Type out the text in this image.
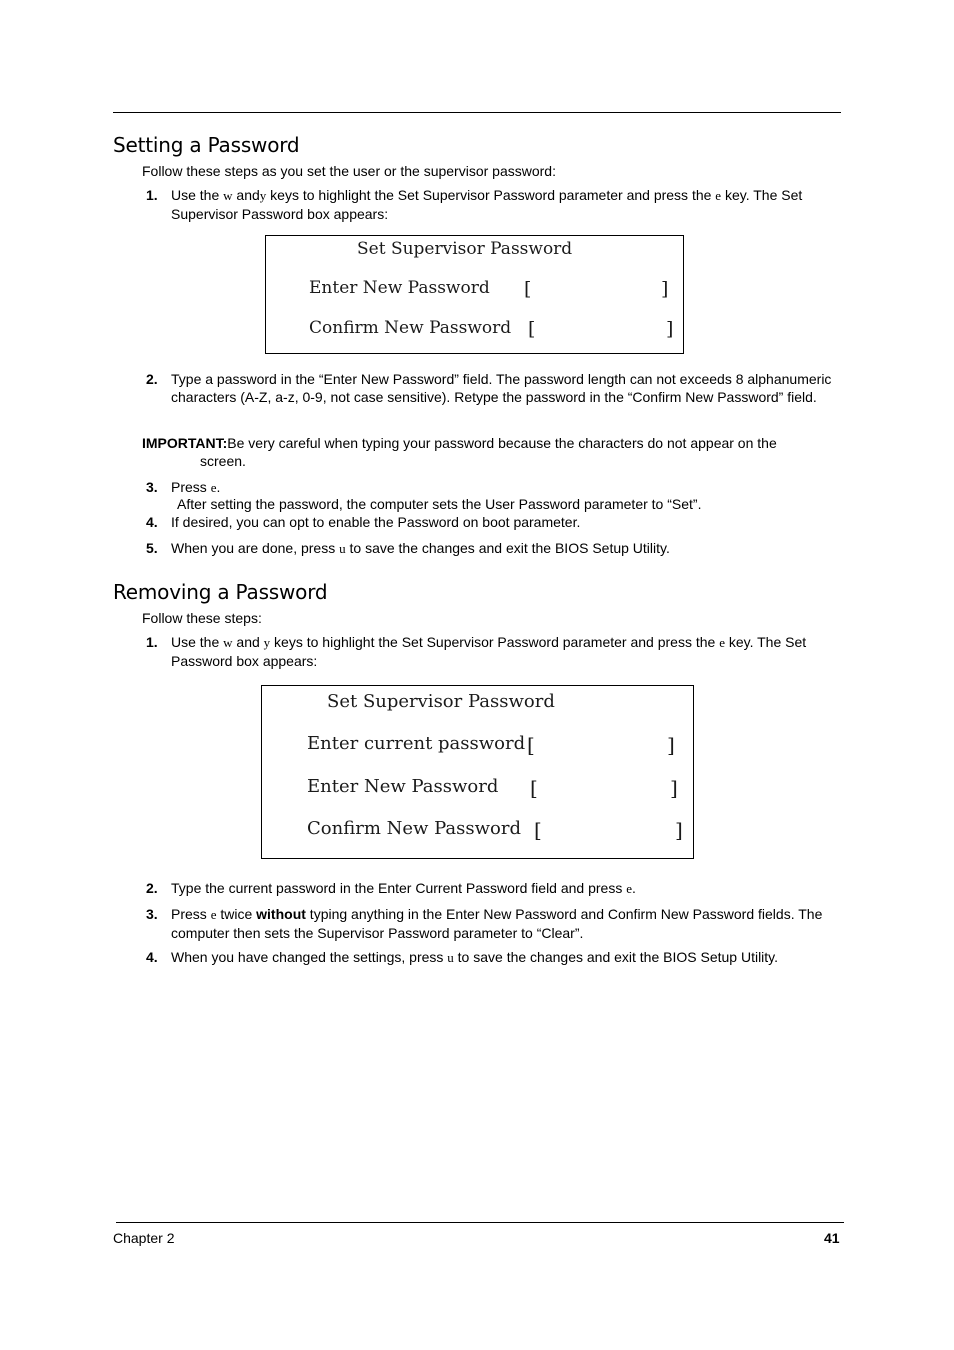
Setting a Password
Follow these steps as you set the user or the supervisor password:
1. Use the w andy keys to highlight the Set Supervisor Password parameter and press the e key. The Set Supervisor Password box appears:
Set Supervisor Password
Enter New Password [	]
Confirm New Password [	]
2. Type a password in the “Enter New Password” field. The password length can not exceeds 8 alphanumeric characters (A-Z, a-z, 0-9, not case sensitive). Retype the password in the “Confirm New Password” field.
IMPORTANT:Be very careful when typing your password because the characters do not appear on the
screen.
3. Press e.
After setting the password, the computer sets the User Password parameter to “Set”.
4. If desired, you can opt to enable the Password on boot parameter.
5. When you are done, press u to save the changes and exit the BIOS Setup Utility.
Removing a Password
Follow these steps:
1. Use the w and y keys to highlight the Set Supervisor Password parameter and press the e key. The Set Password box appears:
Set Supervisor Password
Enter current password [	]
Enter New Password [	]
Confirm New Password [	]
2. Type the current password in the Enter Current Password field and press e.
3. Press e twice without typing anything in the Enter New Password and Confirm New Password fields. The computer then sets the Supervisor Password parameter to “Clear”.
4. When you have changed the settings, press u to save the changes and exit the BIOS Setup Utility.
Chapter 2	41
